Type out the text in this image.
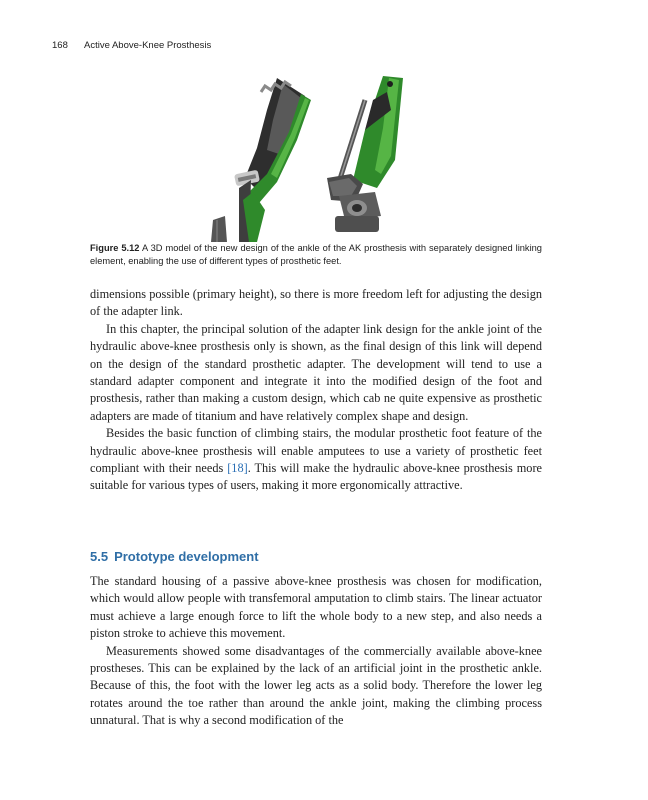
168 Active Above-Knee Prosthesis
Figure 5.12 A 3D model of the new design of the ankle of the AK prosthesis with separately designed linking element, enabling the use of different types of prosthetic feet.

dimensions possible (primary height), so there is more freedom left for adjusting the design of the adapter link.

In this chapter, the principal solution of the adapter link design for the ankle joint of the hydraulic above-knee prosthesis only is shown, as the final design of this link will depend on the design of the standard prosthetic adapter. The development will tend to use a standard adapter component and integrate it into the modified design of the foot and prosthesis, rather than making a custom design, which cab ne quite expensive as prosthetic adapters are made of titanium and have relatively complex shape and design.

Besides the basic function of climbing stairs, the modular prosthetic foot feature of the hydraulic above-knee prosthesis will enable amputees to use a variety of prosthetic feet compliant with their needs [18]. This will make the hydraulic above-knee prosthesis more suitable for various types of users, making it more ergonomically attractive.

5.5 Prototype development

The standard housing of a passive above-knee prosthesis was chosen for modification, which would allow people with transfemoral amputation to climb stairs. The linear actuator must achieve a large enough force to lift the whole body to a new step, and also needs a piston stroke to achieve this movement.

Measurements showed some disadvantages of the commercially available above-knee prostheses. This can be explained by the lack of an artificial joint in the prosthetic ankle. Because of this, the foot with the lower leg acts as a solid body. Therefore the lower leg rotates around the toe rather than around the ankle joint, making the climbing process unnatural. That is why a second modification of the
